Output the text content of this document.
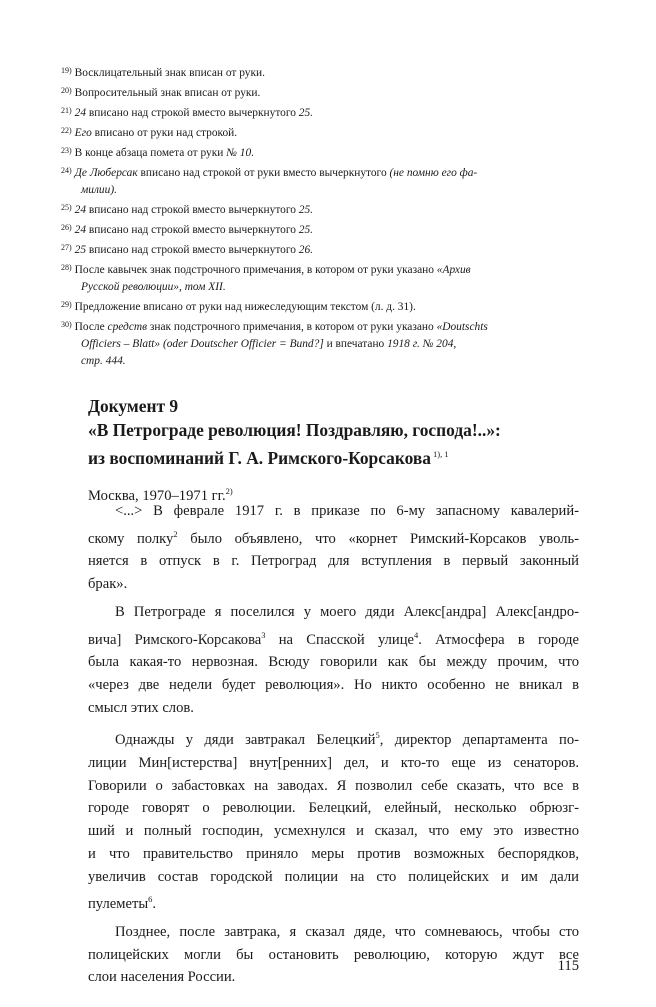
$^{19)}$ Восклицательный знак вписан от руки.
$^{20)}$ Вопросительный знак вписан от руки.
$^{21)}$ 24 вписано над строкой вместо вычеркнутого 25.
$^{22)}$ Его вписано от руки над строкой.
$^{23)}$ В конце абзаца помета от руки № 10.
$^{24)}$ Де Люберсак вписано над строкой от руки вместо вычеркнутого (не помню его фа-
милии).
$^{25)}$ 24 вписано над строкой вместо вычеркнутого 25.
$^{26)}$ 24 вписано над строкой вместо вычеркнутого 25.
$^{27)}$ 25 вписано над строкой вместо вычеркнутого 26.
$^{28)}$ После кавычек знак подстрочного примечания, в котором от руки указано «Архив
Русской революции», том XII.
$^{29)}$ Предложение вписано от руки над нижеследующим текстом (л. д. 31).
$^{30)}$ После средств знак подстрочного примечания, в котором от руки указано «Doutschts
Officiers – Blatt» (oder Doutscher Officier = Bund?] и впечатано 1918 г. № 204,
стр. 444.
Документ 9
«В Петрограде революция! Поздравляю, господа!..»:
из воспоминаний Г. А. Римского-Корсакова $^{1), 1}$
Москва, 1970–1971 гг.$^{2)}$
<...> В феврале 1917 г. в приказе по 6-му запасному кавалерий-
скому полку$^2$ было объявлено, что «корнет Римский-Корсаков уволь-
няется в отпуск в г. Петроград для вступления в первый законный
брак».
В Петрограде я поселился у моего дяди Алекс[андра] Алекс[андро-
вича] Римского-Корсакова$^3$ на Спасской улице$^4$. Атмосфера в городе
была какая-то нервозная. Всюду говорили как бы между прочим, что
«через две недели будет революция». Но никто особенно не вникал в
смысл этих слов.
Однажды у дяди завтракал Белецкий$^5$, директор департамента по-
лиции Мин[истерства] внут[ренних] дел, и кто-то еще из сенаторов.
Говорили о забастовках на заводах. Я позволил себе сказать, что все в
городе говорят о революции. Белецкий, елейный, несколько обрюзг-
ший и полный господин, усмехнулся и сказал, что ему это известно
и что правительство приняло меры против возможных беспорядков,
увеличив состав городской полиции на сто полицейских и им дали
пулеметы$^6$.
Позднее, после завтрака, я сказал дяде, что сомневаюсь, чтобы сто
полицейских могли бы остановить революцию, которую ждут все
слои населения России.
115
